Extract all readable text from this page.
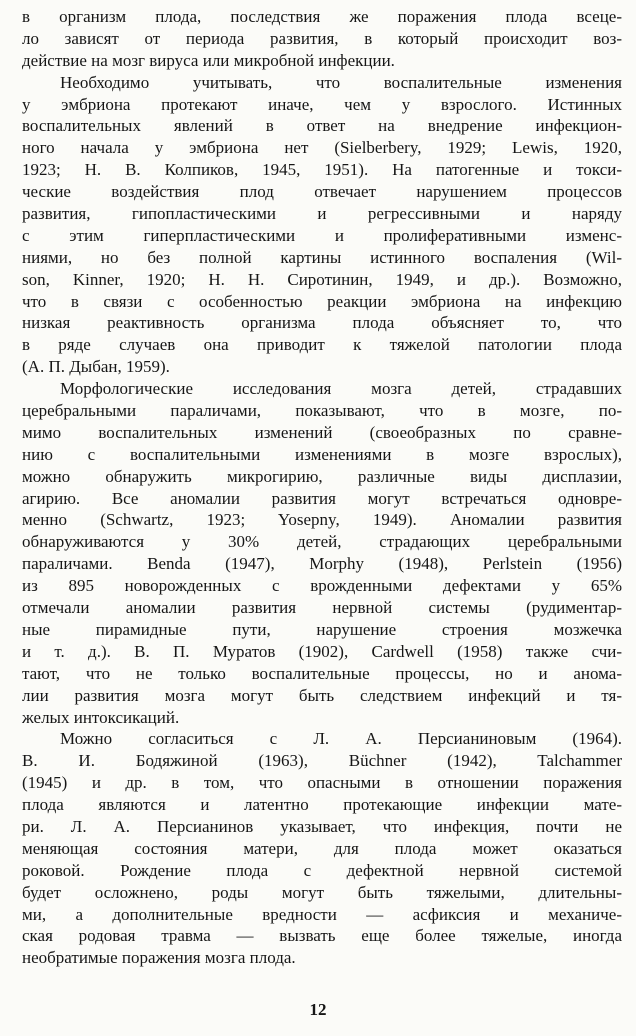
в организм плода, последствия же поражения плода всеце-
ло зависят от периода развития, в который происходит воз-
действие на мозг вируса или микробной инфекции.
Необходимо учитывать, что воспалительные изменения
у эмбриона протекают иначе, чем у взрослого. Истинных
воспалительных явлений в ответ на внедрение инфекцион-
ного начала у эмбриона нет (Sielberbery, 1929; Lewis, 1920,
1923; Н. В. Колпиков, 1945, 1951). На патогенные и токси-
ческие воздействия плод отвечает нарушением процессов
развития, гипопластическими и регрессивными и наряду
с этим гиперпластическими и пролиферативными изменс-
ниями, но без полной картины истинного воспаления (Wil-
son, Kinner, 1920; Н. Н. Сиротинин, 1949, и др.). Возможно,
что в связи с особенностью реакции эмбриона на инфекцию
низкая реактивность организма плода объясняет то, что
в ряде случаев она приводит к тяжелой патологии плода
(А. П. Дыбан, 1959).
Морфологические исследования мозга детей, страдавших
церебральными параличами, показывают, что в мозге, по-
мимо воспалительных изменений (своеобразных по сравне-
нию с воспалительными изменениями в мозге взрослых),
можно обнаружить микрогирию, различные виды дисплазии,
агирию. Все аномалии развития могут встречаться одновре-
менно (Schwartz, 1923; Yosepny, 1949). Аномалии развития
обнаруживаются у 30% детей, страдающих церебральными
параличами. Benda (1947), Morphy (1948), Perlstein (1956)
из 895 новорожденных с врожденными дефектами у 65%
отмечали аномалии развития нервной системы (рудиментар-
ные пирамидные пути, нарушение строения мозжечка
и т. д.). В. П. Муратов (1902), Cardwell (1958) также счи-
тают, что не только воспалительные процессы, но и анома-
лии развития мозга могут быть следствием инфекций и тя-
желых интоксикаций.
Можно согласиться с Л. А. Персианиновым (1964).
В. И. Бодяжиной (1963), Büchner (1942), Talchammer
(1945) и др. в том, что опасными в отношении поражения
плода являются и латентно протекающие инфекции мате-
ри. Л. А. Персианинов указывает, что инфекция, почти не
меняющая состояния матери, для плода может оказаться
роковой. Рождение плода с дефектной нервной системой
будет осложнено, роды могут быть тяжелыми, длительны-
ми, а дополнительные вредности — асфиксия и механиче-
ская родовая травма — вызвать еще более тяжелые, иногда
необратимые поражения мозга плода.
12
